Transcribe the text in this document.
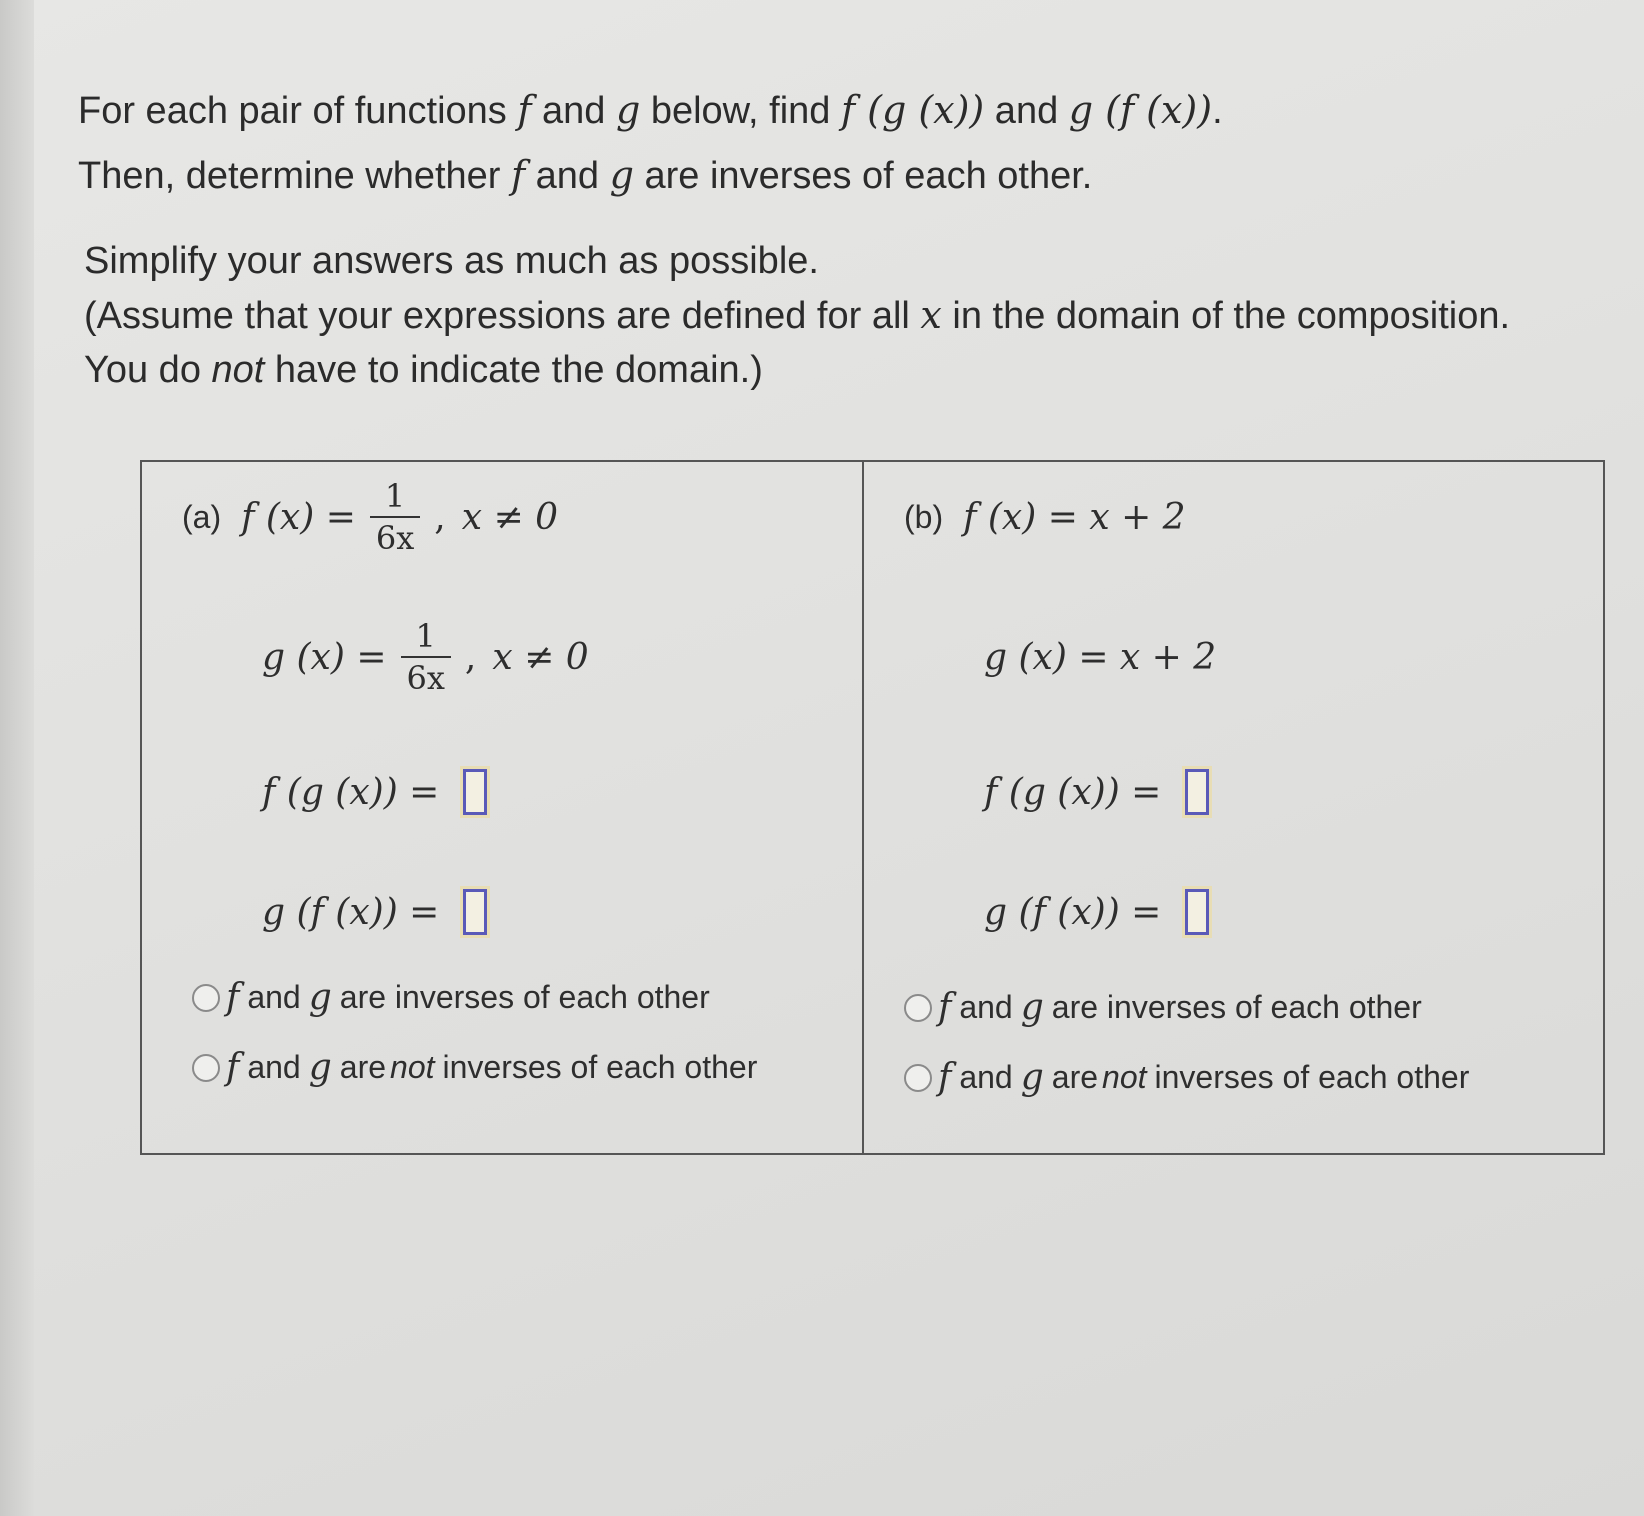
For each pair of functions f and g below, find f (g (x)) and g (f (x)).
Then, determine whether f and g are inverses of each other.
Simplify your answers as much as possible.
(Assume that your expressions are defined for all x in the domain of the composition.
You do not have to indicate the domain.)
(a) f $(x) = \frac{1}{6x}$ , x ≠ 0
g $(x) = \frac{1}{6x}$ , x ≠ 0
f (g (x)) =
g (f (x)) =
f and g are inverses of each other
f and g are not inverses of each other
(b) f (x) = x + 2
g (x) = x + 2
f (g (x)) =
g (f (x)) =
f and g are inverses of each other
f and g are not inverses of each other
